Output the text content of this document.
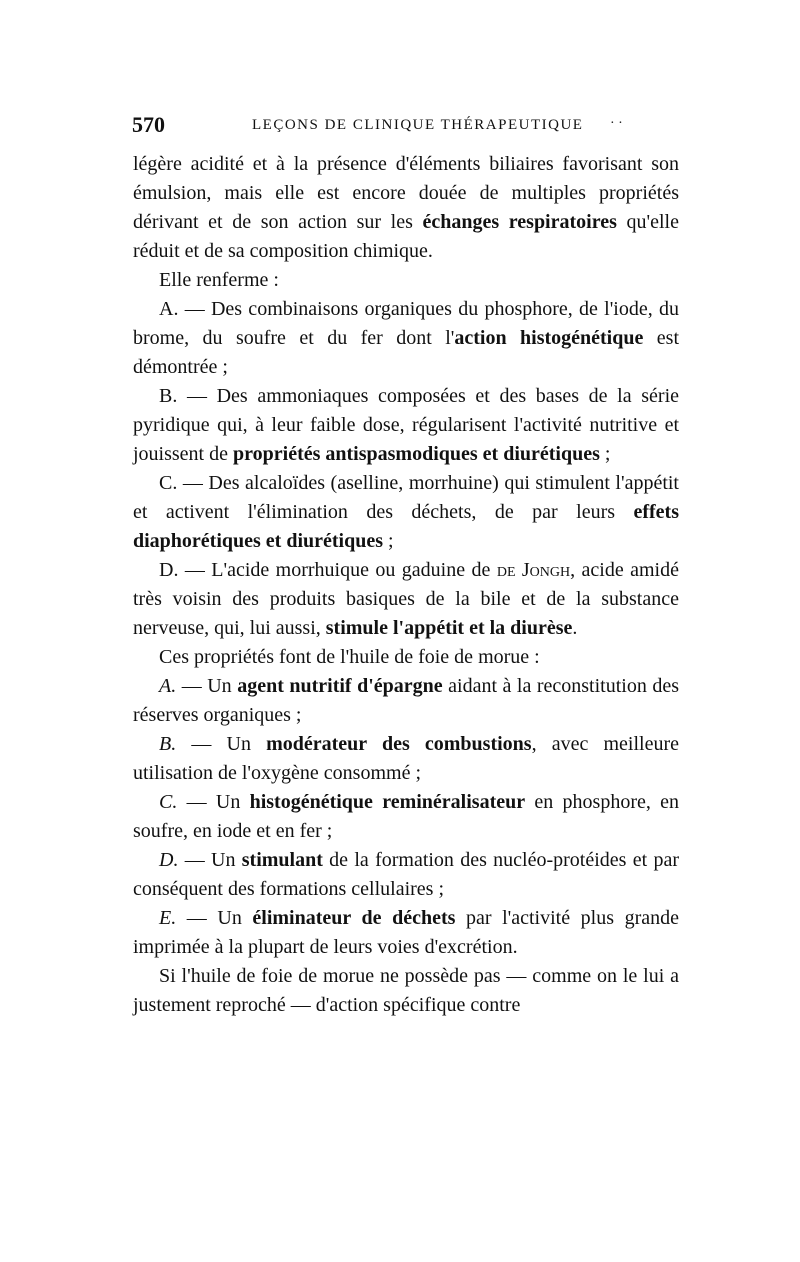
570	LEÇONS DE CLINIQUE THÉRAPEUTIQUE · ·

légère acidité et à la présence d'éléments biliaires favorisant son émulsion, mais elle est encore douée de multiples propriétés dérivant et de son action sur les échanges respiratoires qu'elle réduit et de sa composition chimique.

Elle renferme :

A. — Des combinaisons organiques du phosphore, de l'iode, du brome, du soufre et du fer dont l'action histogénétique est démontrée ;

B. — Des ammoniaques composées et des bases de la série pyridique qui, à leur faible dose, régularisent l'activité nutritive et jouissent de propriétés antispasmodiques et diurétiques ;

C. — Des alcaloïdes (aselline, morrhuine) qui stimulent l'appétit et activent l'élimination des déchets, de par leurs effets diaphorétiques et diurétiques ;

D. — L'acide morrhuique ou gaduine de de Jongh, acide amidé très voisin des produits basiques de la bile et de la substance nerveuse, qui, lui aussi, stimule l'appétit et la diurèse.

Ces propriétés font de l'huile de foie de morue :

A. — Un agent nutritif d'épargne aidant à la reconstitution des réserves organiques ;

B. — Un modérateur des combustions, avec meilleure utilisation de l'oxygène consommé ;

C. — Un histogénétique reminéralisateur en phosphore, en soufre, en iode et en fer ;

D. — Un stimulant de la formation des nucléo-protéides et par conséquent des formations cellulaires ;

E. — Un éliminateur de déchets par l'activité plus grande imprimée à la plupart de leurs voies d'excrétion.

Si l'huile de foie de morue ne possède pas — comme on le lui a justement reproché — d'action spécifique contre
